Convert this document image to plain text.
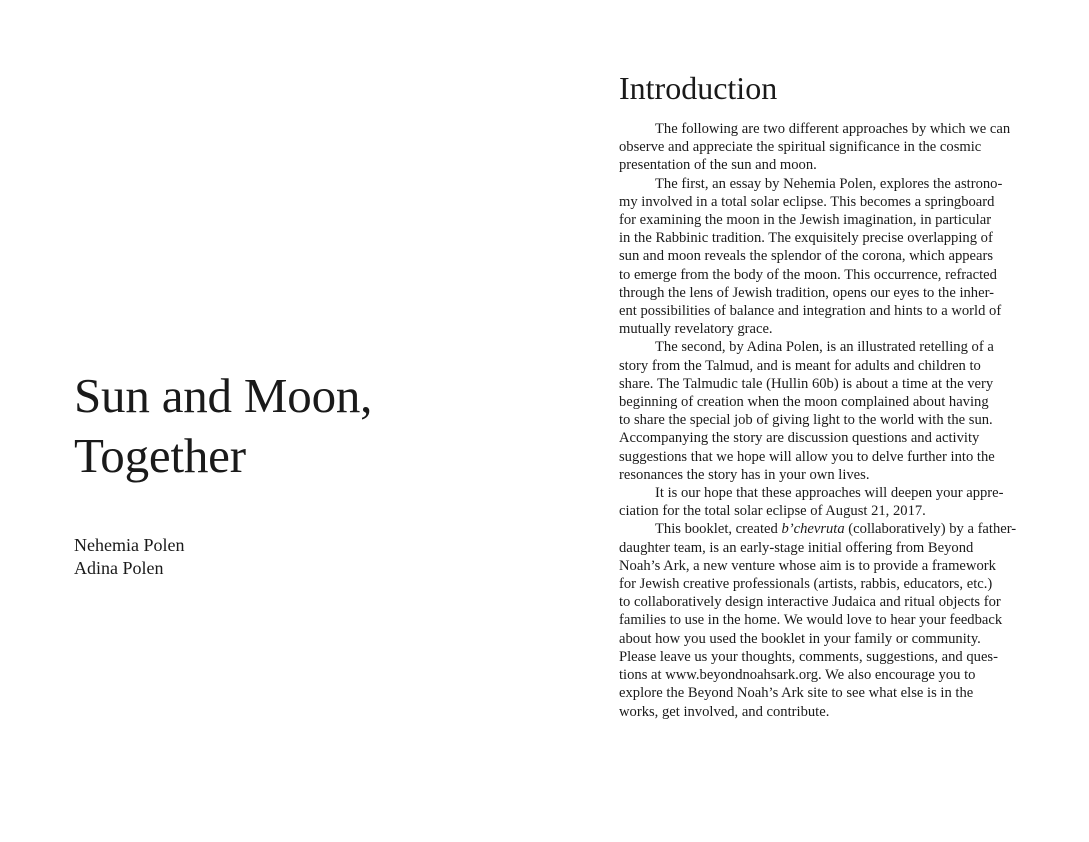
Sun and Moon,
Together
Nehemia Polen
Adina Polen
Introduction
The following are two different approaches by which we can
observe and appreciate the spiritual significance in the cosmic
presentation of the sun and moon.
The first, an essay by Nehemia Polen, explores the astrono-
my involved in a total solar eclipse. This becomes a springboard
for examining the moon in the Jewish imagination, in particular
in the Rabbinic tradition. The exquisitely precise overlapping of
sun and moon reveals the splendor of the corona, which appears
to emerge from the body of the moon. This occurrence, refracted
through the lens of Jewish tradition, opens our eyes to the inher-
ent possibilities of balance and integration and hints to a world of
mutually revelatory grace.
The second, by Adina Polen, is an illustrated retelling of a
story from the Talmud, and is meant for adults and children to
share. The Talmudic tale (Hullin 60b) is about a time at the very
beginning of creation when the moon complained about having
to share the special job of giving light to the world with the sun.
Accompanying the story are discussion questions and activity
suggestions that we hope will allow you to delve further into the
resonances the story has in your own lives.
It is our hope that these approaches will deepen your appre-
ciation for the total solar eclipse of August 21, 2017.
This booklet, created b’chevruta (collaboratively) by a father-
daughter team, is an early-stage initial offering from Beyond
Noah’s Ark, a new venture whose aim is to provide a framework
for Jewish creative professionals (artists, rabbis, educators, etc.)
to collaboratively design interactive Judaica and ritual objects for
families to use in the home. We would love to hear your feedback
about how you used the booklet in your family or community.
Please leave us your thoughts, comments, suggestions, and ques-
tions at www.beyondnoahsark.org. We also encourage you to
explore the Beyond Noah’s Ark site to see what else is in the
works, get involved, and contribute.
